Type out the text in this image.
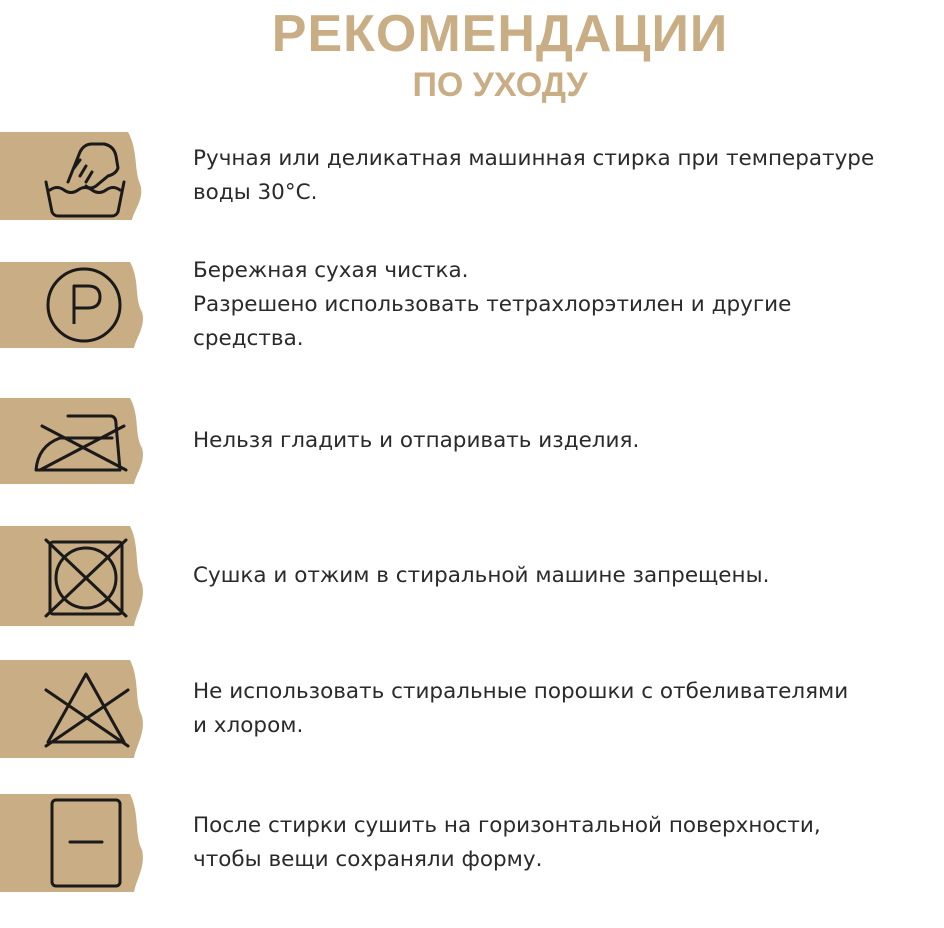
РЕКОМЕНДАЦИИ
ПО УХОДУ
Ручная или деликатная машинная стирка при температуре
воды 30°С.
Бережная сухая чистка.
Разрешено использовать тетрахлорэтилен и другие
средства.
Нельзя гладить и отпаривать изделия.
Сушка и отжим в стиральной машине запрещены.
Не использовать стиральные порошки с отбеливателями
и хлором.
После стирки сушить на горизонтальной поверхности,
чтобы вещи сохраняли форму.
